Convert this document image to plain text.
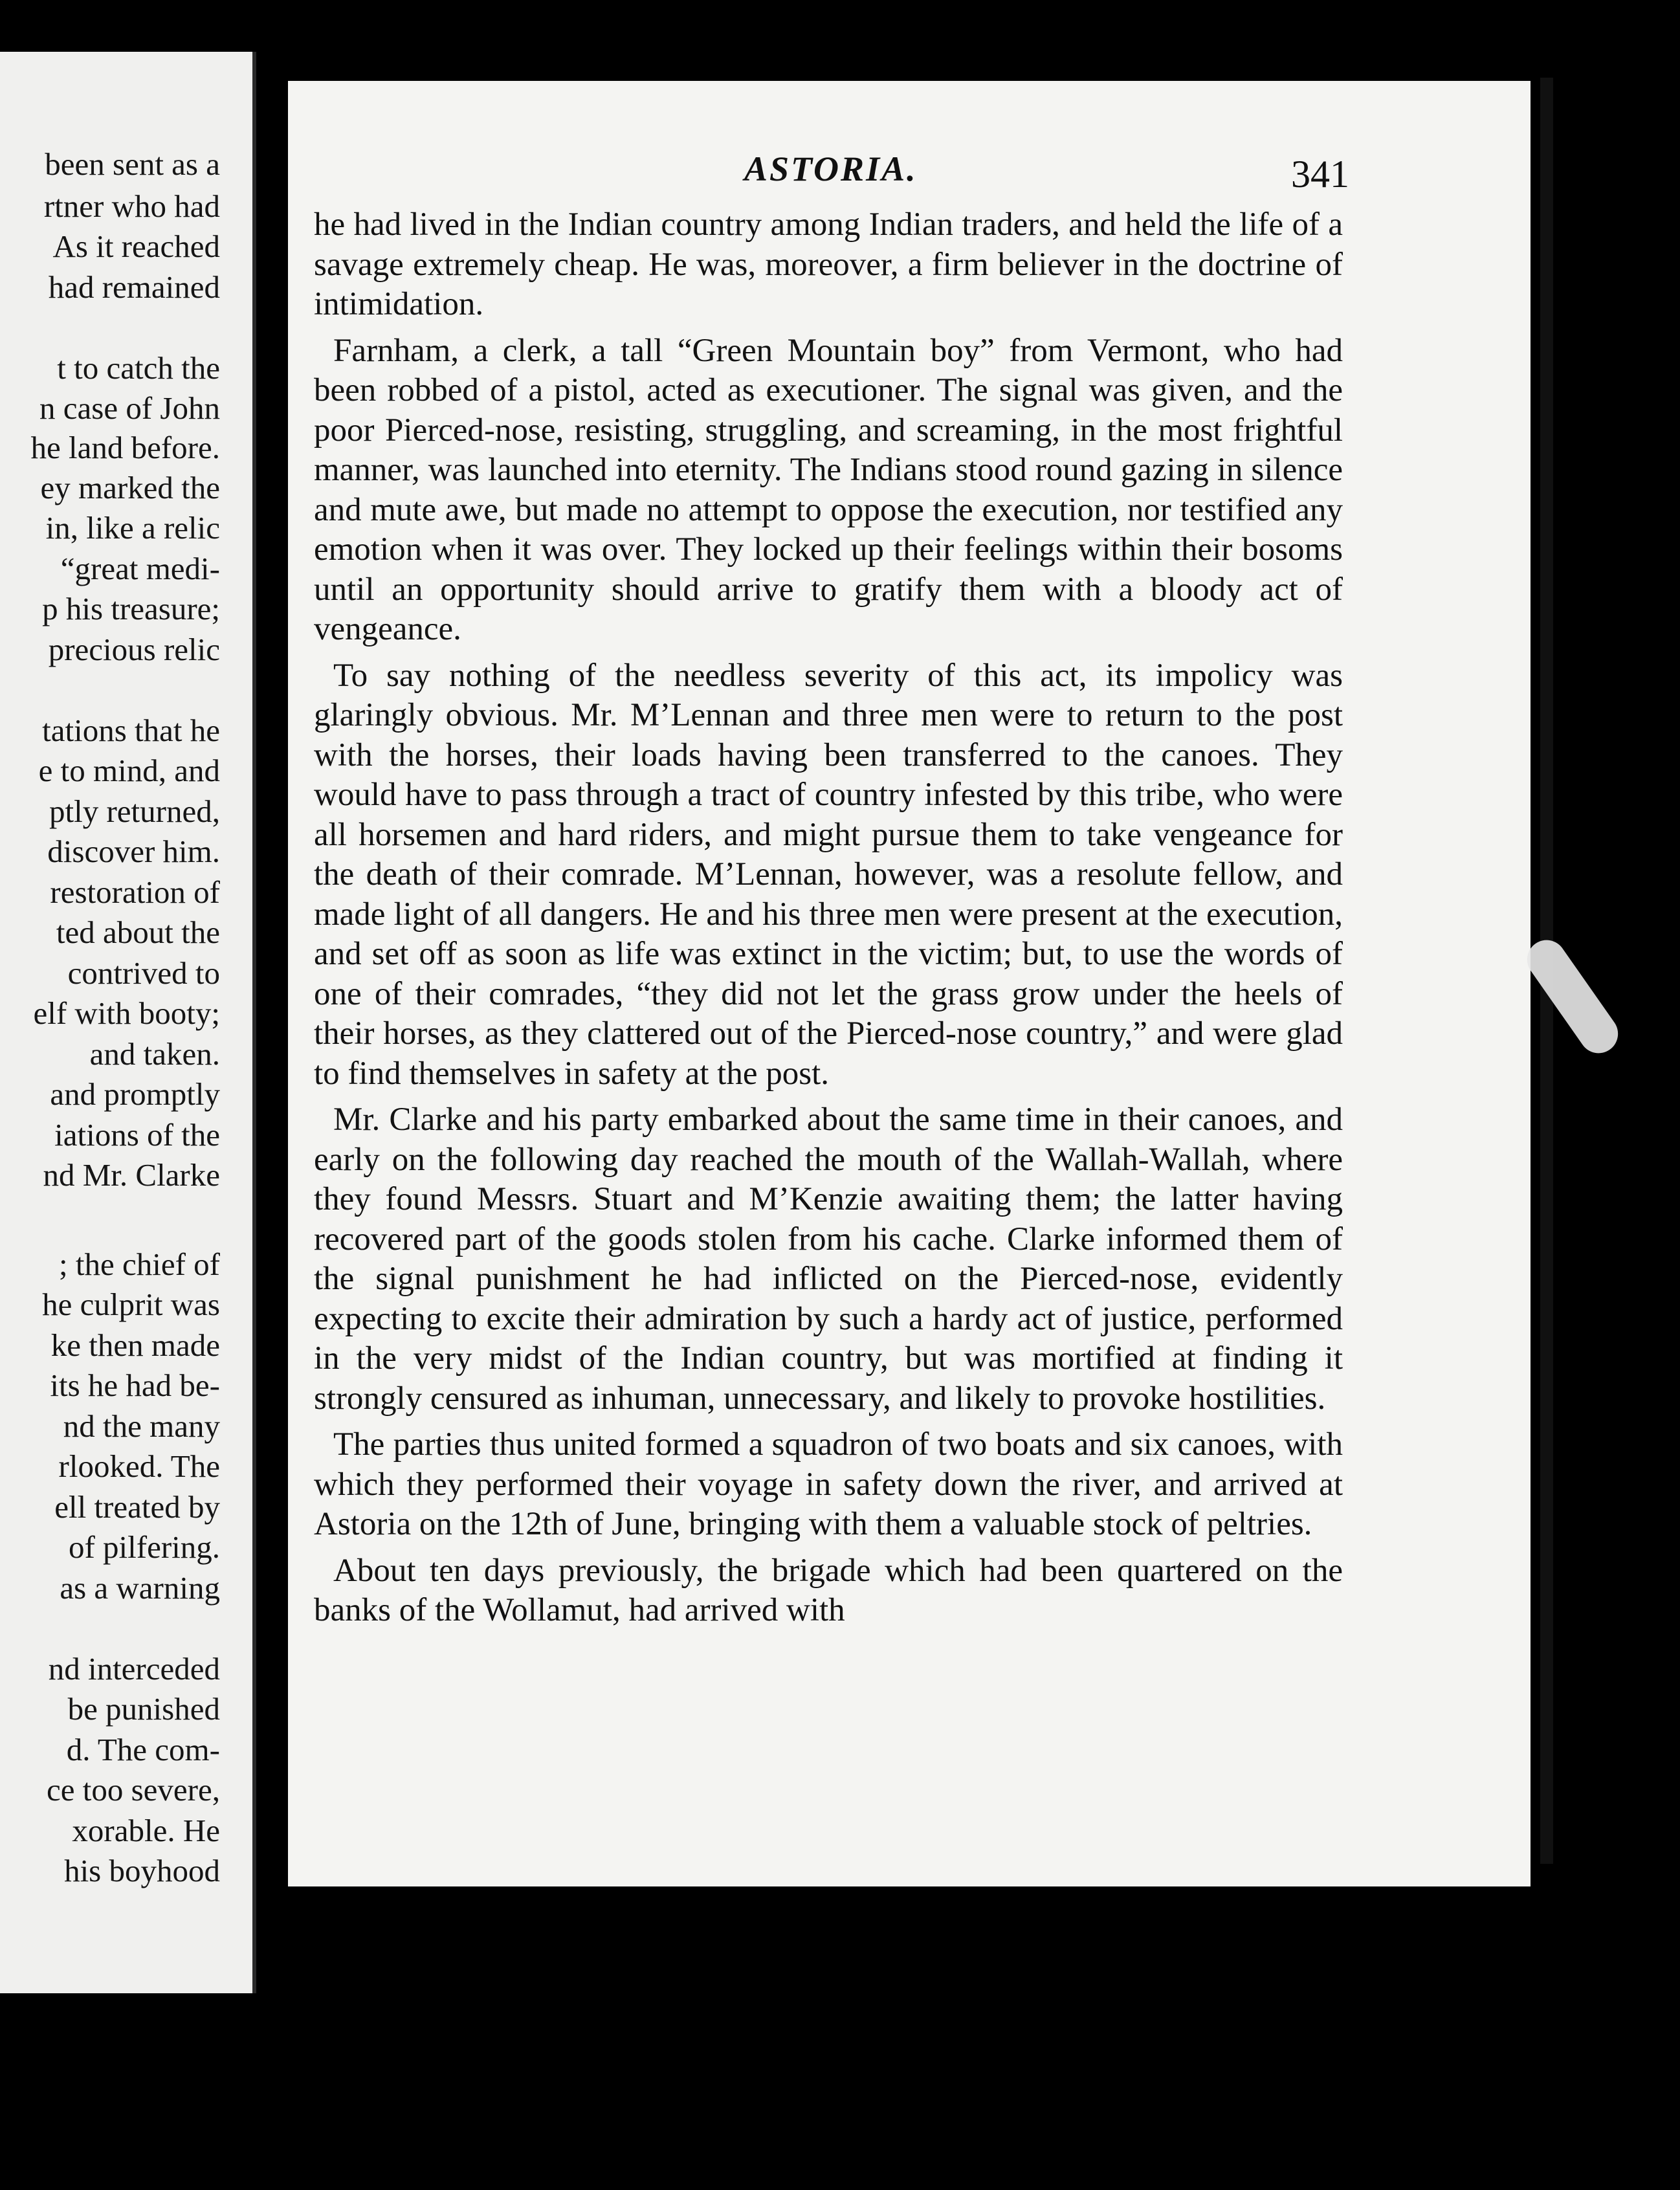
been sent as a
rtner who had
As it reached
had remained
t to catch the
n case of John
he land before.
ey marked the
in, like a relic
“great medi-
p his treasure;
precious relic
tations that he
e to mind, and
ptly returned,
discover him.
restoration of
ted about the
contrived to
elf with booty;
and taken.
and promptly
iations of the
nd Mr. Clarke
; the chief of
he culprit was
ke then made
its he had be-
nd the many
rlooked. The
ell treated by
of pilfering.
as a warning
nd interceded
be punished
d. The com-
ce too severe,
xorable. He
his boyhood
ASTORIA.	341

he had lived in the Indian country among Indian traders, and held the life of a savage extremely cheap. He was, moreover, a firm believer in the doctrine of intimidation.

Farnham, a clerk, a tall “Green Mountain boy” from Vermont, who had been robbed of a pistol, acted as executioner. The signal was given, and the poor Pierced-nose, resisting, struggling, and screaming, in the most frightful manner, was launched into eternity. The Indians stood round gazing in silence and mute awe, but made no attempt to oppose the execution, nor testified any emotion when it was over. They locked up their feelings within their bosoms until an opportunity should arrive to gratify them with a bloody act of vengeance.

To say nothing of the needless severity of this act, its impolicy was glaringly obvious. Mr. M’Lennan and three men were to return to the post with the horses, their loads having been transferred to the canoes. They would have to pass through a tract of country infested by this tribe, who were all horsemen and hard riders, and might pursue them to take vengeance for the death of their comrade. M’Lennan, however, was a resolute fellow, and made light of all dangers. He and his three men were present at the execution, and set off as soon as life was extinct in the victim; but, to use the words of one of their comrades, “they did not let the grass grow under the heels of their horses, as they clattered out of the Pierced-nose country,” and were glad to find themselves in safety at the post.

Mr. Clarke and his party embarked about the same time in their canoes, and early on the following day reached the mouth of the Wallah-Wallah, where they found Messrs. Stuart and M’Kenzie awaiting them; the latter having recovered part of the goods stolen from his cache. Clarke informed them of the signal punishment he had inflicted on the Pierced-nose, evidently expecting to excite their admiration by such a hardy act of justice, performed in the very midst of the Indian country, but was mortified at finding it strongly censured as inhuman, unnecessary, and likely to provoke hostilities.

The parties thus united formed a squadron of two boats and six canoes, with which they performed their voyage in safety down the river, and arrived at Astoria on the 12th of June, bringing with them a valuable stock of peltries.

About ten days previously, the brigade which had been quartered on the banks of the Wollamut, had arrived with
